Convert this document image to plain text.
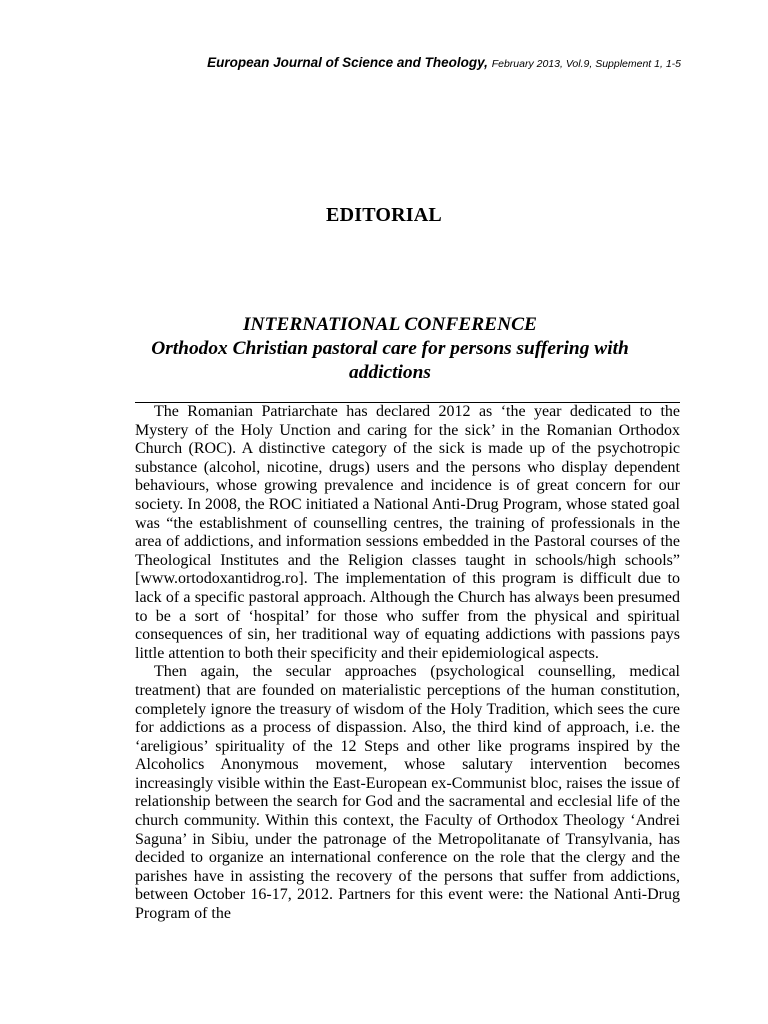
European Journal of Science and Theology, February 2013, Vol.9, Supplement 1, 1-5
EDITORIAL
INTERNATIONAL CONFERENCE
Orthodox Christian pastoral care for persons suffering with
addictions

The Romanian Patriarchate has declared 2012 as ‘the year dedicated to the Mystery of the Holy Unction and caring for the sick’ in the Romanian Orthodox Church (ROC). A distinctive category of the sick is made up of the psychotropic substance (alcohol, nicotine, drugs) users and the persons who display dependent behaviours, whose growing prevalence and incidence is of great concern for our society. In 2008, the ROC initiated a National Anti-Drug Program, whose stated goal was “the establishment of counselling centres, the training of professionals in the area of addictions, and information sessions embedded in the Pastoral courses of the Theological Institutes and the Religion classes taught in schools/high schools” [www.ortodoxantidrog.ro]. The implementation of this program is difficult due to lack of a specific pastoral approach. Although the Church has always been presumed to be a sort of ‘hospital’ for those who suffer from the physical and spiritual consequences of sin, her traditional way of equating addictions with passions pays little attention to both their specificity and their epidemiological aspects.

Then again, the secular approaches (psychological counselling, medical treatment) that are founded on materialistic perceptions of the human constitution, completely ignore the treasury of wisdom of the Holy Tradition, which sees the cure for addictions as a process of dispassion. Also, the third kind of approach, i.e. the ‘areligious’ spirituality of the 12 Steps and other like programs inspired by the Alcoholics Anonymous movement, whose salutary intervention becomes increasingly visible within the East-European ex-Communist bloc, raises the issue of relationship between the search for God and the sacramental and ecclesial life of the church community. Within this context, the Faculty of Orthodox Theology ‘Andrei Saguna’ in Sibiu, under the patronage of the Metropolitanate of Transylvania, has decided to organize an international conference on the role that the clergy and the parishes have in assisting the recovery of the persons that suffer from addictions, between October 16-17, 2012. Partners for this event were: the National Anti-Drug Program of the
